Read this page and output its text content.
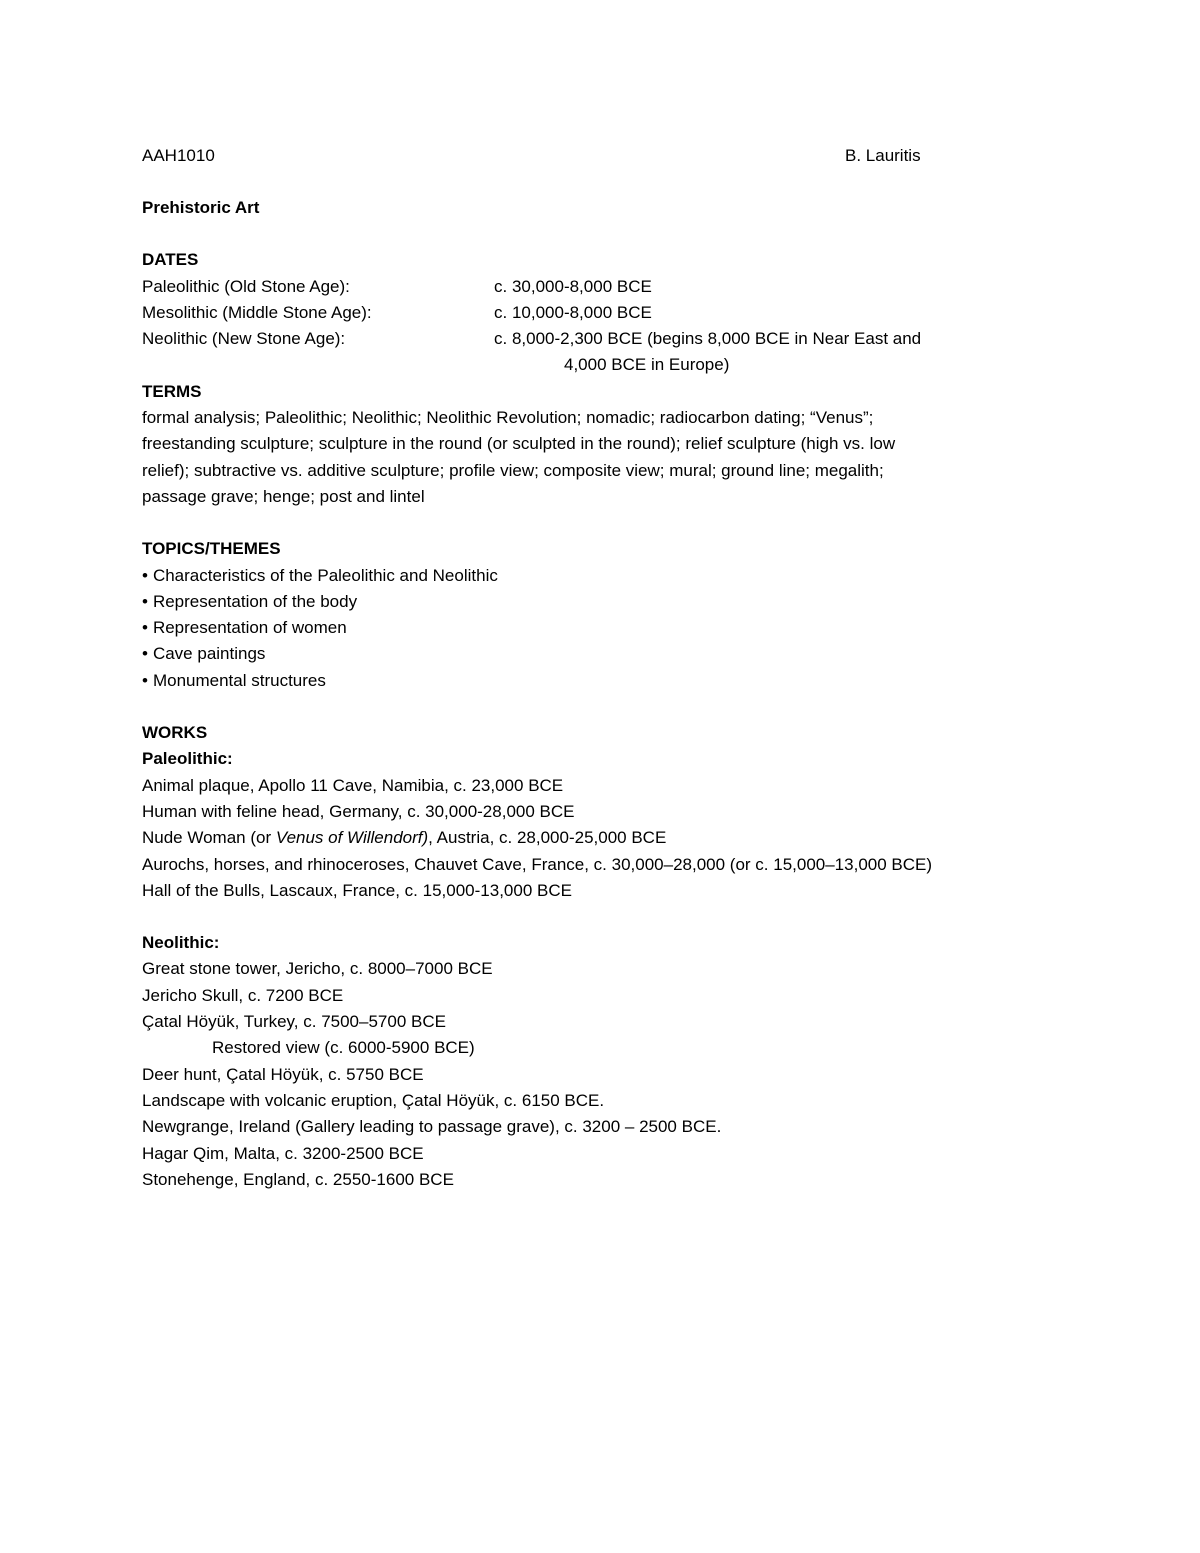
AAH1010	B. Lauritis

Prehistoric Art

DATES

Paleolithic (Old Stone Age):	c. 30,000-8,000 BCE
Mesolithic (Middle Stone Age):	c. 10,000-8,000 BCE
Neolithic (New Stone Age):	c. 8,000-2,300 BCE (begins 8,000 BCE in Near East and
4,000 BCE in Europe)

TERMS

formal analysis; Paleolithic; Neolithic; Neolithic Revolution; nomadic; radiocarbon dating; “Venus”;

freestanding sculpture; sculpture in the round (or sculpted in the round); relief sculpture (high vs. low

relief); subtractive vs. additive sculpture; profile view; composite view; mural; ground line; megalith;

passage grave; henge; post and lintel

TOPICS/THEMES

• Characteristics of the Paleolithic and Neolithic

• Representation of the body

• Representation of women

• Cave paintings

• Monumental structures

WORKS

Paleolithic:

Animal plaque, Apollo 11 Cave, Namibia, c. 23,000 BCE

Human with feline head, Germany, c. 30,000-28,000 BCE

Nude Woman (or Venus of Willendorf), Austria, c. 28,000-25,000 BCE

Aurochs, horses, and rhinoceroses, Chauvet Cave, France, c. 30,000–28,000 (or c. 15,000–13,000 BCE)

Hall of the Bulls, Lascaux, France, c. 15,000-13,000 BCE

Neolithic:

Great stone tower, Jericho, c. 8000–7000 BCE

Jericho Skull, c. 7200 BCE

Çatal Höyük, Turkey, c. 7500–5700 BCE

Restored view (c. 6000-5900 BCE)

Deer hunt, Çatal Höyük, c. 5750 BCE

Landscape with volcanic eruption, Çatal Höyük, c. 6150 BCE.

Newgrange, Ireland (Gallery leading to passage grave), c. 3200 – 2500 BCE.

Hagar Qim, Malta, c. 3200-2500 BCE

Stonehenge, England, c. 2550-1600 BCE
